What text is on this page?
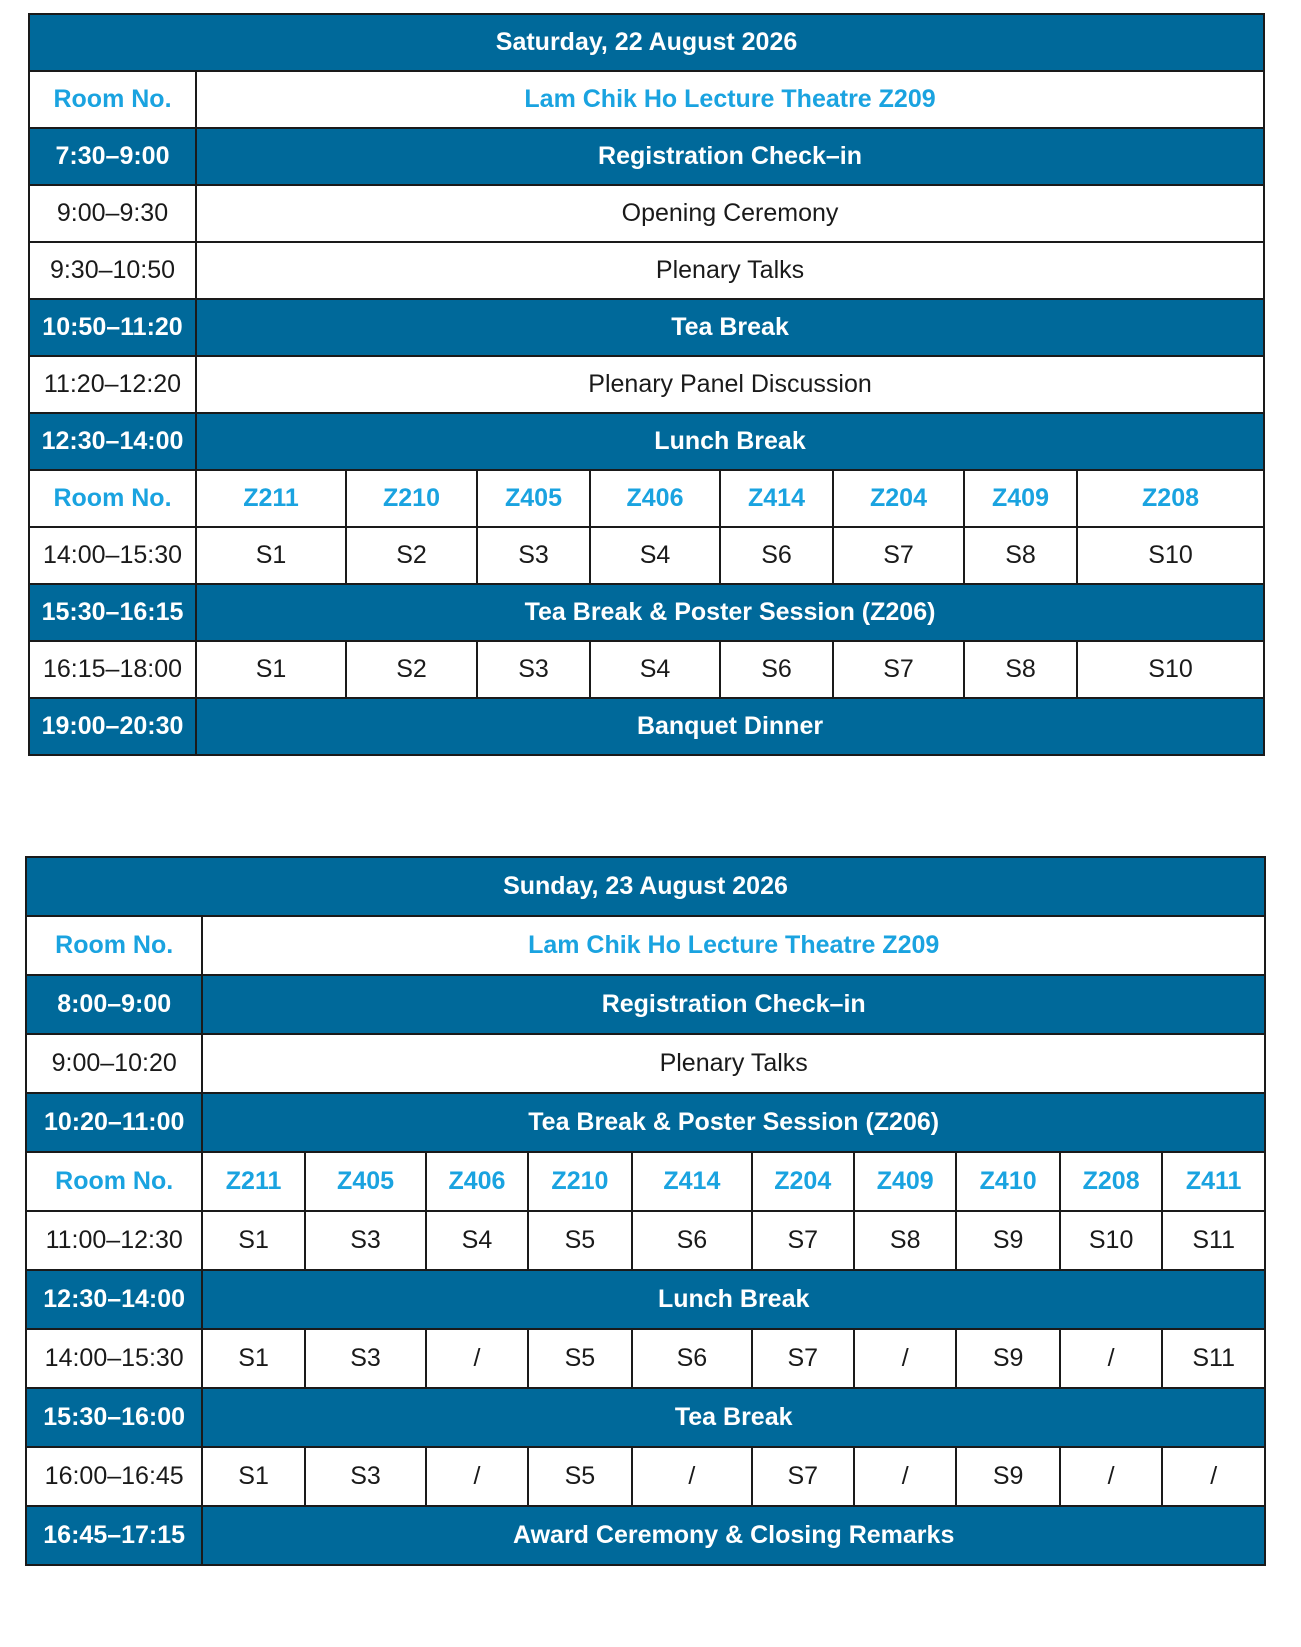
Saturday, 22 August 2026								
Room No.	Lam Chik Ho Lecture Theatre Z209							
7:30–9:00	Registration Check–in							
9:00–9:30	Opening Ceremony							
9:30–10:50	Plenary Talks							
10:50–11:20	Tea Break							
11:20–12:20	Plenary Panel Discussion							
12:30–14:00	Lunch Break							
Room No.	Z211	Z210	Z405	Z406	Z414	Z204	Z409	Z208
14:00–15:30	S1	S2	S3	S4	S6	S7	S8	S10
15:30–16:15	Tea Break & Poster Session (Z206)							
16:15–18:00	S1	S2	S3	S4	S6	S7	S8	S10
19:00–20:30	Banquet Dinner							
Sunday, 23 August 2026										
Room No.	Lam Chik Ho Lecture Theatre Z209									
8:00–9:00	Registration Check–in									
9:00–10:20	Plenary Talks									
10:20–11:00	Tea Break & Poster Session (Z206)									
Room No.	Z211	Z405	Z406	Z210	Z414	Z204	Z409	Z410	Z208	Z411
11:00–12:30	S1	S3	S4	S5	S6	S7	S8	S9	S10	S11
12:30–14:00	Lunch Break									
14:00–15:30	S1	S3	/	S5	S6	S7	/	S9	/	S11
15:30–16:00	Tea Break									
16:00–16:45	S1	S3	/	S5	/	S7	/	S9	/	/
16:45–17:15	Award Ceremony & Closing Remarks									
